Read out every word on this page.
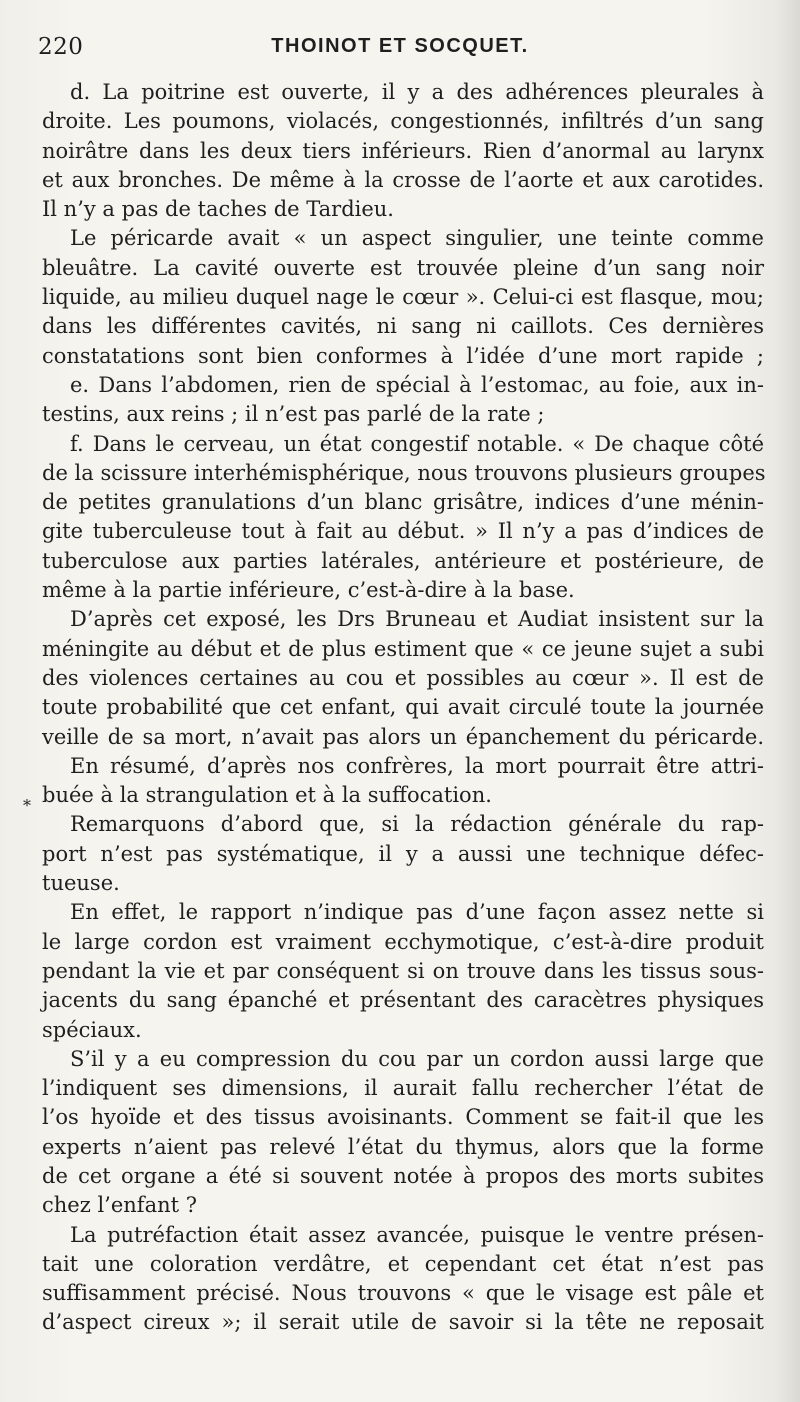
220	THOINOT ET SOCQUET.
*
d. La poitrine est ouverte, il y a des adhérences pleurales à
droite. Les poumons, violacés, congestionnés, infiltrés d’un sang
noirâtre dans les deux tiers inférieurs. Rien d’anormal au larynx
et aux bronches. De même à la crosse de l’aorte et aux carotides.
Il n’y a pas de taches de Tardieu.
Le péricarde avait « un aspect singulier, une teinte comme
bleuâtre. La cavité ouverte est trouvée pleine d’un sang noir
liquide, au milieu duquel nage le cœur ». Celui-ci est flasque, mou;
dans les différentes cavités, ni sang ni caillots. Ces dernières
constatations sont bien conformes à l’idée d’une mort rapide ;
e. Dans l’abdomen, rien de spécial à l’estomac, au foie, aux in-
testins, aux reins ; il n’est pas parlé de la rate ;
f. Dans le cerveau, un état congestif notable. « De chaque côté
de la scissure interhémisphérique, nous trouvons plusieurs groupes
de petites granulations d’un blanc grisâtre, indices d’une ménin-
gite tuberculeuse tout à fait au début. » Il n’y a pas d’indices de
tuberculose aux parties latérales, antérieure et postérieure, de
même à la partie inférieure, c’est-à-dire à la base.
D’après cet exposé, les Drs Bruneau et Audiat insistent sur la
méningite au début et de plus estiment que « ce jeune sujet a subi
des violences certaines au cou et possibles au cœur ». Il est de
toute probabilité que cet enfant, qui avait circulé toute la journée
veille de sa mort, n’avait pas alors un épanchement du péricarde.
En résumé, d’après nos confrères, la mort pourrait être attri-
buée à la strangulation et à la suffocation.
Remarquons d’abord que, si la rédaction générale du rap-
port n’est pas systématique, il y a aussi une technique défec-
tueuse.
En effet, le rapport n’indique pas d’une façon assez nette si
le large cordon est vraiment ecchymotique, c’est-à-dire produit
pendant la vie et par conséquent si on trouve dans les tissus sous-
jacents du sang épanché et présentant des caracètres physiques
spéciaux.
S’il y a eu compression du cou par un cordon aussi large que
l’indiquent ses dimensions, il aurait fallu rechercher l’état de
l’os hyoïde et des tissus avoisinants. Comment se fait-il que les
experts n’aient pas relevé l’état du thymus, alors que la forme
de cet organe a été si souvent notée à propos des morts subites
chez l’enfant ?
La putréfaction était assez avancée, puisque le ventre présen-
tait une coloration verdâtre, et cependant cet état n’est pas
suffisamment précisé. Nous trouvons « que le visage est pâle et
d’aspect cireux »; il serait utile de savoir si la tête ne reposait
